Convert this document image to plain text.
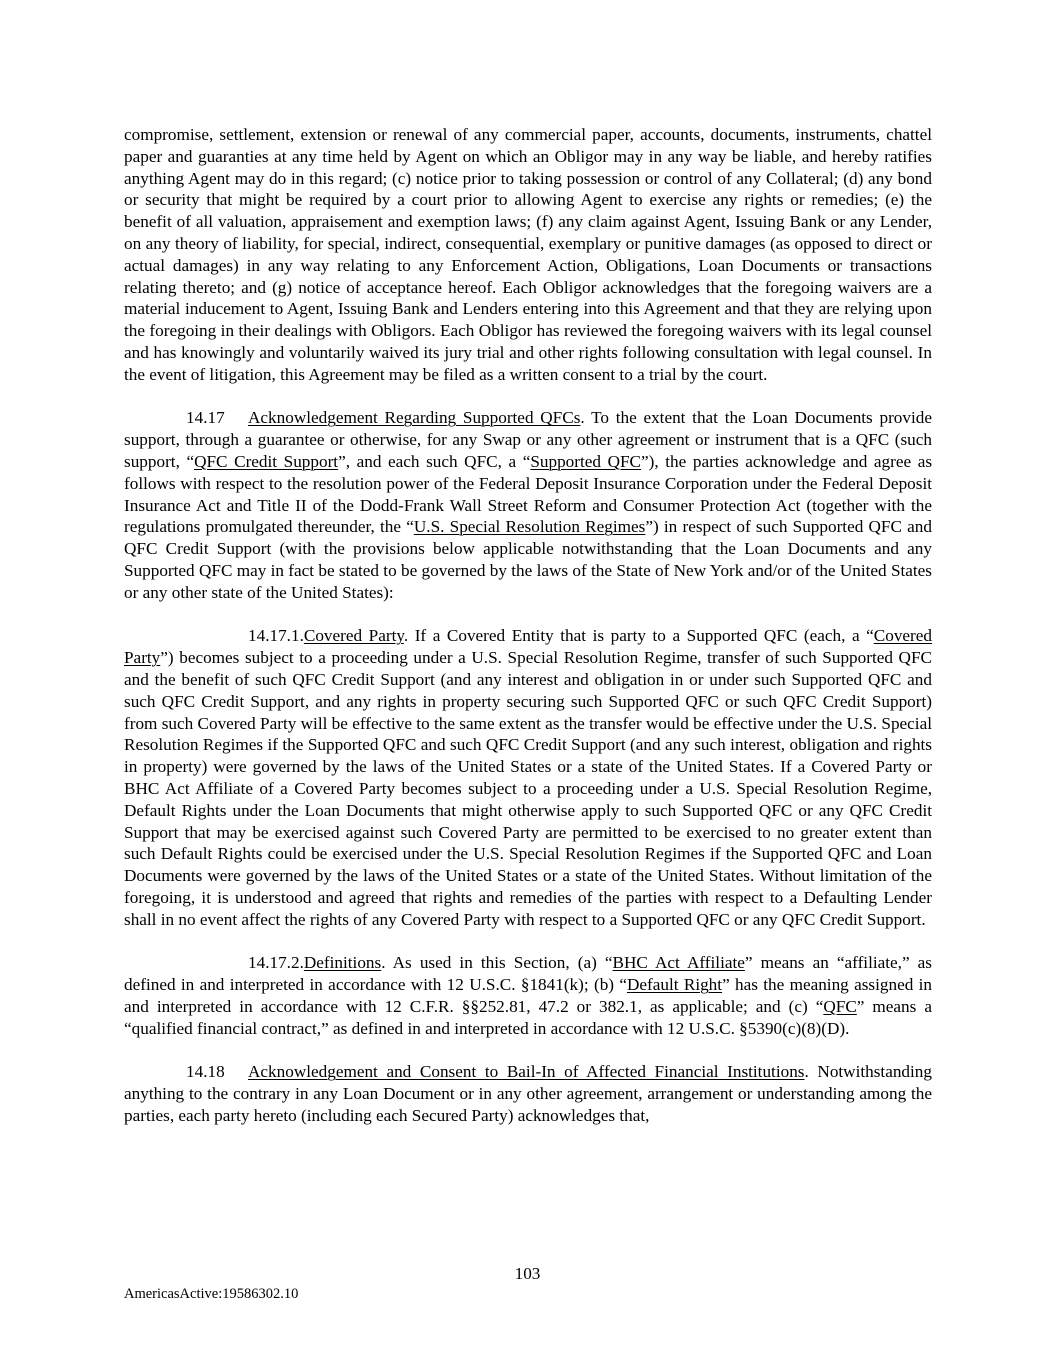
compromise, settlement, extension or renewal of any commercial paper, accounts, documents, instruments, chattel paper and guaranties at any time held by Agent on which an Obligor may in any way be liable, and hereby ratifies anything Agent may do in this regard; (c) notice prior to taking possession or control of any Collateral; (d) any bond or security that might be required by a court prior to allowing Agent to exercise any rights or remedies; (e) the benefit of all valuation, appraisement and exemption laws; (f) any claim against Agent, Issuing Bank or any Lender, on any theory of liability, for special, indirect, consequential, exemplary or punitive damages (as opposed to direct or actual damages) in any way relating to any Enforcement Action, Obligations, Loan Documents or transactions relating thereto; and (g) notice of acceptance hereof. Each Obligor acknowledges that the foregoing waivers are a material inducement to Agent, Issuing Bank and Lenders entering into this Agreement and that they are relying upon the foregoing in their dealings with Obligors. Each Obligor has reviewed the foregoing waivers with its legal counsel and has knowingly and voluntarily waived its jury trial and other rights following consultation with legal counsel. In the event of litigation, this Agreement may be filed as a written consent to a trial by the court.

14.17 Acknowledgement Regarding Supported QFCs. To the extent that the Loan Documents provide support, through a guarantee or otherwise, for any Swap or any other agreement or instrument that is a QFC (such support, “QFC Credit Support”, and each such QFC, a “Supported QFC”), the parties acknowledge and agree as follows with respect to the resolution power of the Federal Deposit Insurance Corporation under the Federal Deposit Insurance Act and Title II of the Dodd-Frank Wall Street Reform and Consumer Protection Act (together with the regulations promulgated thereunder, the “U.S. Special Resolution Regimes”) in respect of such Supported QFC and QFC Credit Support (with the provisions below applicable notwithstanding that the Loan Documents and any Supported QFC may in fact be stated to be governed by the laws of the State of New York and/or of the United States or any other state of the United States):

14.17.1.Covered Party. If a Covered Entity that is party to a Supported QFC (each, a “Covered Party”) becomes subject to a proceeding under a U.S. Special Resolution Regime, transfer of such Supported QFC and the benefit of such QFC Credit Support (and any interest and obligation in or under such Supported QFC and such QFC Credit Support, and any rights in property securing such Supported QFC or such QFC Credit Support) from such Covered Party will be effective to the same extent as the transfer would be effective under the U.S. Special Resolution Regimes if the Supported QFC and such QFC Credit Support (and any such interest, obligation and rights in property) were governed by the laws of the United States or a state of the United States. If a Covered Party or BHC Act Affiliate of a Covered Party becomes subject to a proceeding under a U.S. Special Resolution Regime, Default Rights under the Loan Documents that might otherwise apply to such Supported QFC or any QFC Credit Support that may be exercised against such Covered Party are permitted to be exercised to no greater extent than such Default Rights could be exercised under the U.S. Special Resolution Regimes if the Supported QFC and Loan Documents were governed by the laws of the United States or a state of the United States. Without limitation of the foregoing, it is understood and agreed that rights and remedies of the parties with respect to a Defaulting Lender shall in no event affect the rights of any Covered Party with respect to a Supported QFC or any QFC Credit Support.

14.17.2.Definitions. As used in this Section, (a) “BHC Act Affiliate” means an “affiliate,” as defined in and interpreted in accordance with 12 U.S.C. §1841(k); (b) “Default Right” has the meaning assigned in and interpreted in accordance with 12 C.F.R. §§252.81, 47.2 or 382.1, as applicable; and (c) “QFC” means a “qualified financial contract,” as defined in and interpreted in accordance with 12 U.S.C. §5390(c)(8)(D).

14.18 Acknowledgement and Consent to Bail-In of Affected Financial Institutions. Notwithstanding anything to the contrary in any Loan Document or in any other agreement, arrangement or understanding among the parties, each party hereto (including each Secured Party) acknowledges that,

103
AmericasActive:19586302.10
